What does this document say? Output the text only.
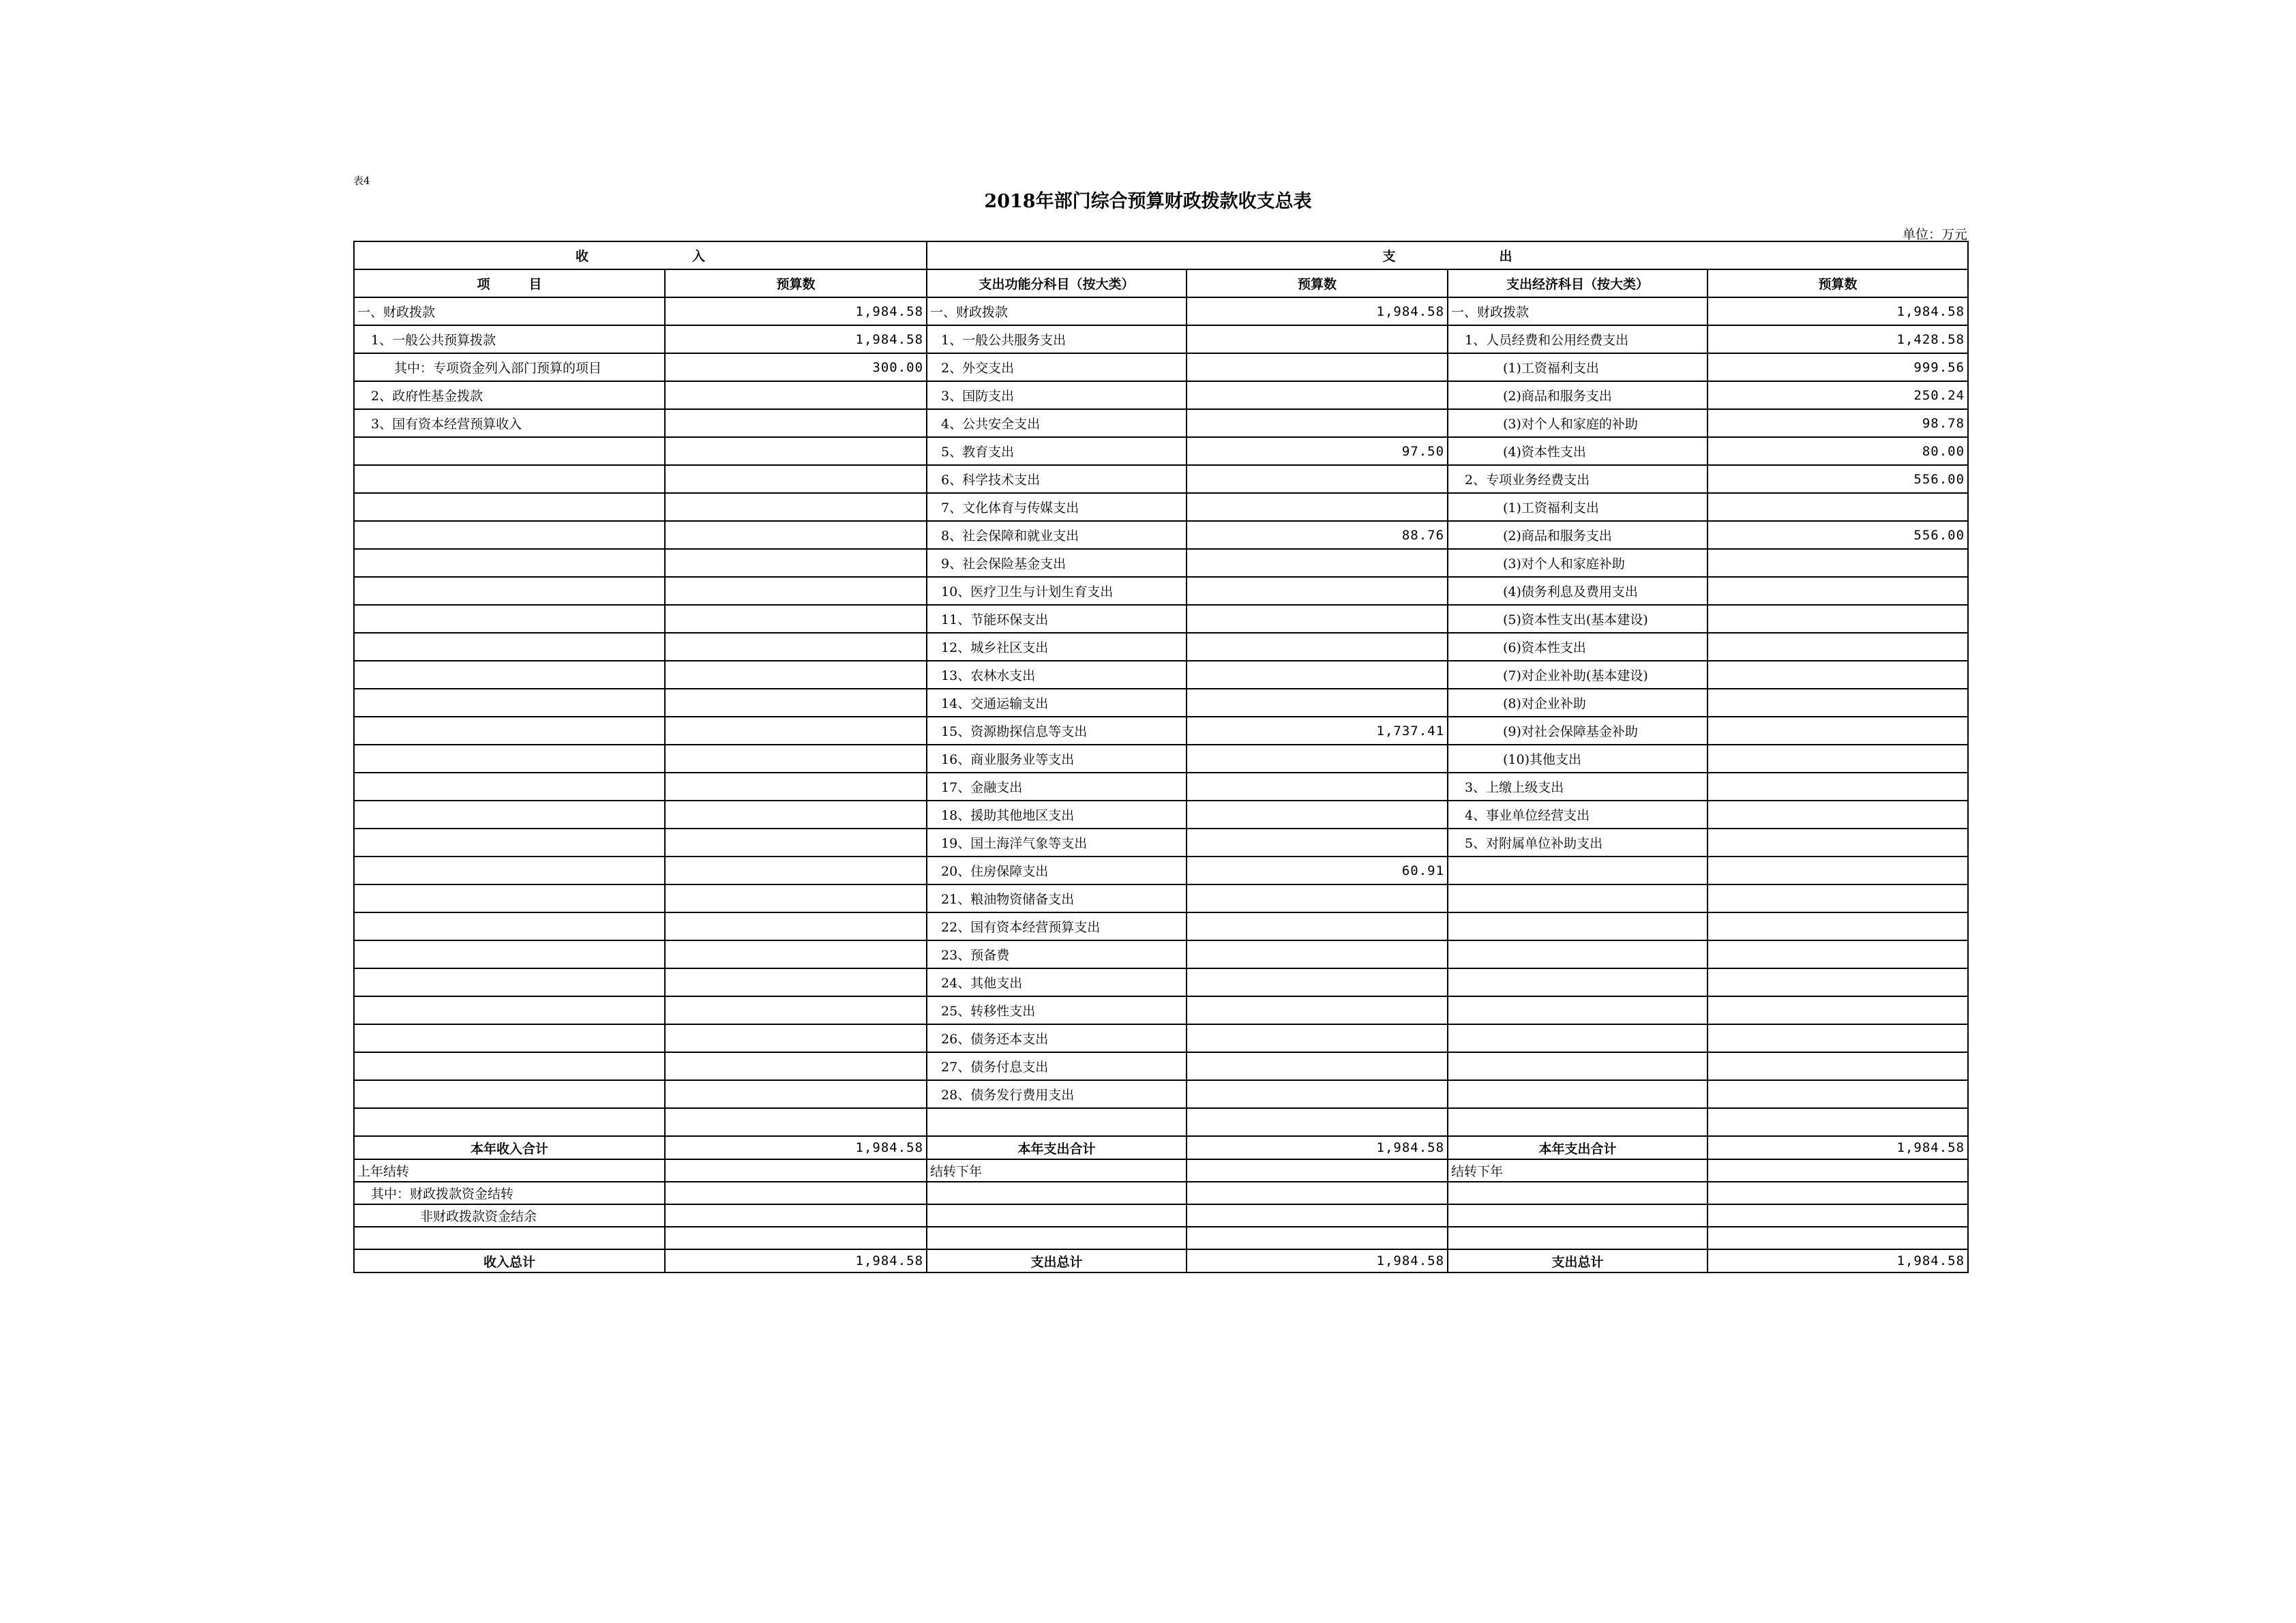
表4
2018年部门综合预算财政拨款收支总表
单位：万元
收　　　　　　　　入		支　　　　　　　　出			
项　　　目	预算数	支出功能分科目（按大类）	预算数	支出经济科目（按大类）	预算数
一、财政拨款	1,984.58	一、财政拨款	1,984.58	一、财政拨款	1,984.58
1、一般公共预算拨款	1,984.58	1、一般公共服务支出		1、人员经费和公用经费支出	1,428.58
其中：专项资金列入部门预算的项目	300.00	2、外交支出		(1)工资福利支出	999.56
2、政府性基金拨款		3、国防支出		(2)商品和服务支出	250.24
3、国有资本经营预算收入		4、公共安全支出		(3)对个人和家庭的补助	98.78
		5、教育支出	97.50	(4)资本性支出	80.00
		6、科学技术支出		2、专项业务经费支出	556.00
		7、文化体育与传媒支出		(1)工资福利支出	
		8、社会保障和就业支出	88.76	(2)商品和服务支出	556.00
		9、社会保险基金支出		(3)对个人和家庭补助	
		10、医疗卫生与计划生育支出		(4)债务利息及费用支出	
		11、节能环保支出		(5)资本性支出(基本建设)	
		12、城乡社区支出		(6)资本性支出	
		13、农林水支出		(7)对企业补助(基本建设)	
		14、交通运输支出		(8)对企业补助	
		15、资源勘探信息等支出	1,737.41	(9)对社会保障基金补助	
		16、商业服务业等支出		(10)其他支出	
		17、金融支出		3、上缴上级支出	
		18、援助其他地区支出		4、事业单位经营支出	
		19、国土海洋气象等支出		5、对附属单位补助支出	
		20、住房保障支出	60.91		
		21、粮油物资储备支出			
		22、国有资本经营预算支出			
		23、预备费			
		24、其他支出			
		25、转移性支出			
		26、债务还本支出			
		27、债务付息支出			
		28、债务发行费用支出			

本年收入合计	1,984.58	本年支出合计	1,984.58	本年支出合计	1,984.58
上年结转		结转下年		结转下年	
其中：财政拨款资金结转					
非财政拨款资金结余					

收入总计	1,984.58	支出总计	1,984.58	支出总计	1,984.58
